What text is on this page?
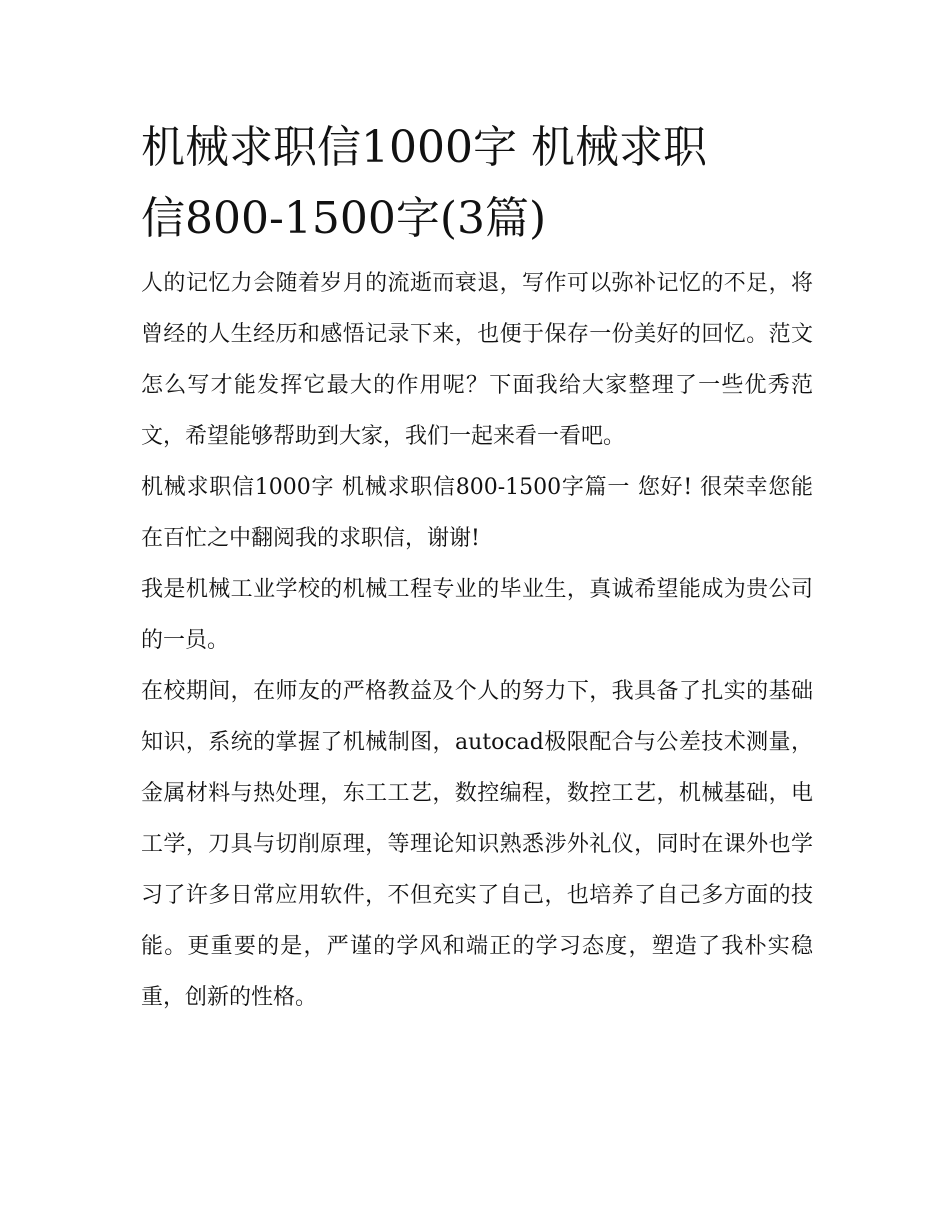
机械求职信1000字 机械求职
信800-1500字(3篇)

人的记忆力会随着岁月的流逝而衰退，写作可以弥补记忆的不足，将曾经的人生经历和感悟记录下来，也便于保存一份美好的回忆。范文怎么写才能发挥它最大的作用呢？下面我给大家整理了一些优秀范文，希望能够帮助到大家，我们一起来看一看吧。

机械求职信1000字 机械求职信800-1500字篇一 您好! 很荣幸您能在百忙之中翻阅我的求职信，谢谢!

我是机械工业学校的机械工程专业的毕业生，真诚希望能成为贵公司的一员。

在校期间，在师友的严格教益及个人的努力下，我具备了扎实的基础知识，系统的掌握了机械制图，autocad极限配合与公差技术测量，金属材料与热处理，东工工艺，数控编程，数控工艺，机械基础，电工学，刀具与切削原理，等理论知识熟悉涉外礼仪，同时在课外也学习了许多日常应用软件，不但充实了自己，也培养了自己多方面的技能。更重要的是，严谨的学风和端正的学习态度，塑造了我朴实稳重，创新的性格。
